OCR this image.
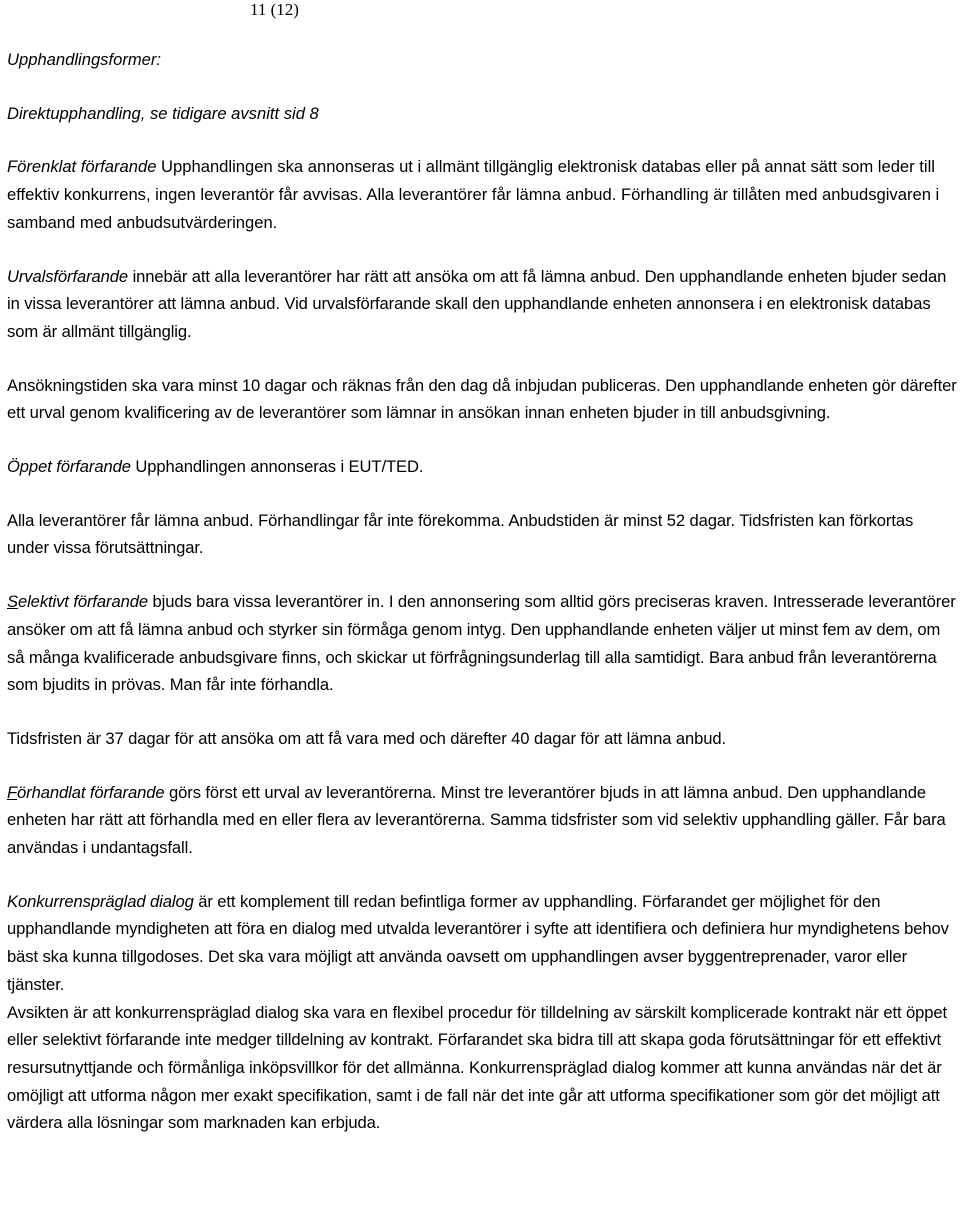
11 (12)

Upphandlingsformer:

Direktupphandling, se tidigare avsnitt sid 8

Förenklat förfarande Upphandlingen ska annonseras ut i allmänt tillgänglig elektronisk databas eller på annat sätt som leder till effektiv konkurrens, ingen leverantör får avvisas. Alla leverantörer får lämna anbud. Förhandling är tillåten med anbudsgivaren i samband med anbudsutvärderingen.

Urvalsförfarande innebär att alla leverantörer har rätt att ansöka om att få lämna anbud. Den upphandlande enheten bjuder sedan in vissa leverantörer att lämna anbud. Vid urvalsförfarande skall den upphandlande enheten annonsera i en elektronisk databas som är allmänt tillgänglig.

Ansökningstiden ska vara minst 10 dagar och räknas från den dag då inbjudan publiceras. Den upphandlande enheten gör därefter ett urval genom kvalificering av de leverantörer som lämnar in ansökan innan enheten bjuder in till anbudsgivning.

Öppet förfarande Upphandlingen annonseras i EUT/TED.

Alla leverantörer får lämna anbud. Förhandlingar får inte förekomma. Anbudstiden är minst 52 dagar. Tidsfristen kan förkortas under vissa förutsättningar.

Selektivt förfarande bjuds bara vissa leverantörer in. I den annonsering som alltid görs preciseras kraven. Intresserade leverantörer ansöker om att få lämna anbud och styrker sin förmåga genom intyg. Den upphandlande enheten väljer ut minst fem av dem, om så många kvalificerade anbudsgivare finns, och skickar ut förfrågningsunderlag till alla samtidigt. Bara anbud från leverantörerna som bjudits in prövas. Man får inte förhandla.

Tidsfristen är 37 dagar för att ansöka om att få vara med och därefter 40 dagar för att lämna anbud.

Förhandlat förfarande görs först ett urval av leverantörerna. Minst tre leverantörer bjuds in att lämna anbud. Den upphandlande enheten har rätt att förhandla med en eller flera av leverantörerna. Samma tidsfrister som vid selektiv upphandling gäller. Får bara användas i undantagsfall.

Konkurrenspräglad dialog är ett komplement till redan befintliga former av upphandling. Förfarandet ger möjlighet för den upphandlande myndigheten att föra en dialog med utvalda leverantörer i syfte att identifiera och definiera hur myndighetens behov bäst ska kunna tillgodoses. Det ska vara möjligt att använda oavsett om upphandlingen avser byggentreprenader, varor eller tjänster.

Avsikten är att konkurrenspräglad dialog ska vara en flexibel procedur för tilldelning av särskilt komplicerade kontrakt när ett öppet eller selektivt förfarande inte medger tilldelning av kontrakt. Förfarandet ska bidra till att skapa goda förutsättningar för ett effektivt resursutnyttjande och förmånliga inköpsvillkor för det allmänna. Konkurrenspräglad dialog kommer att kunna användas när det är omöjligt att utforma någon mer exakt specifikation, samt i de fall när det inte går att utforma specifikationer som gör det möjligt att värdera alla lösningar som marknaden kan erbjuda.
